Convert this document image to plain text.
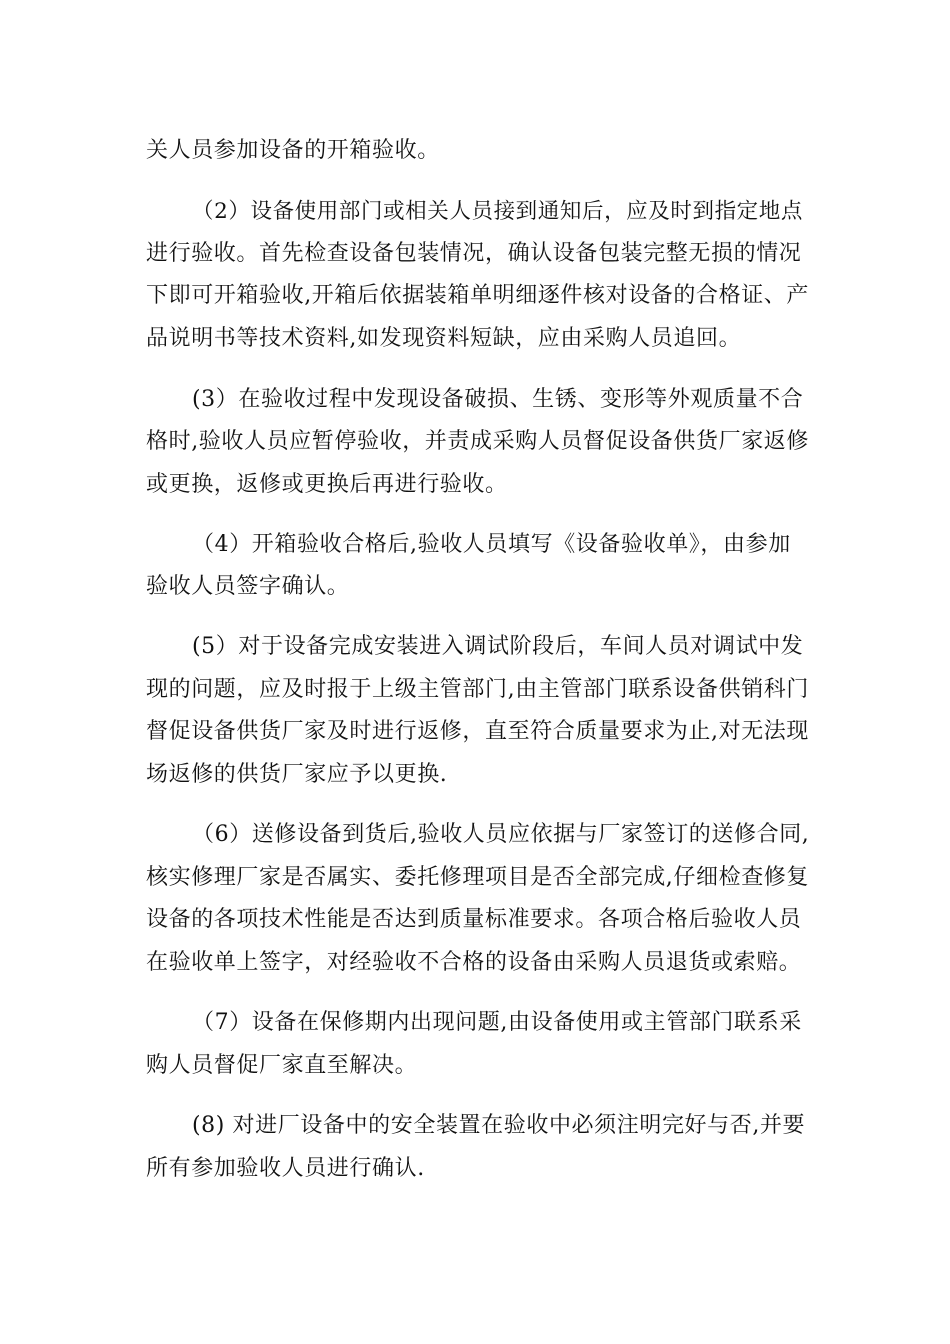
关人员参加设备的开箱验收。
（2）设备使用部门或相关人员接到通知后，应及时到指定地点
进行验收。首先检查设备包装情况，确认设备包装完整无损的情况
下即可开箱验收,开箱后依据装箱单明细逐件核对设备的合格证、产
品说明书等技术资料,如发现资料短缺，应由采购人员追回。
(3）在验收过程中发现设备破损、生锈、变形等外观质量不合
格时,验收人员应暂停验收，并责成采购人员督促设备供货厂家返修
或更换，返修或更换后再进行验收。
（4）开箱验收合格后,验收人员填写《设备验收单》，由参加
验收人员签字确认。
(5）对于设备完成安装进入调试阶段后，车间人员对调试中发
现的问题，应及时报于上级主管部门,由主管部门联系设备供销科门
督促设备供货厂家及时进行返修，直至符合质量要求为止,对无法现
场返修的供货厂家应予以更换.
（6）送修设备到货后,验收人员应依据与厂家签订的送修合同,
核实修理厂家是否属实、委托修理项目是否全部完成,仔细检查修复
设备的各项技术性能是否达到质量标准要求。各项合格后验收人员
在验收单上签字，对经验收不合格的设备由采购人员退货或索赔。
（7）设备在保修期内出现问题,由设备使用或主管部门联系采
购人员督促厂家直至解决。
(8) 对进厂设备中的安全装置在验收中必须注明完好与否,并要
所有参加验收人员进行确认.
